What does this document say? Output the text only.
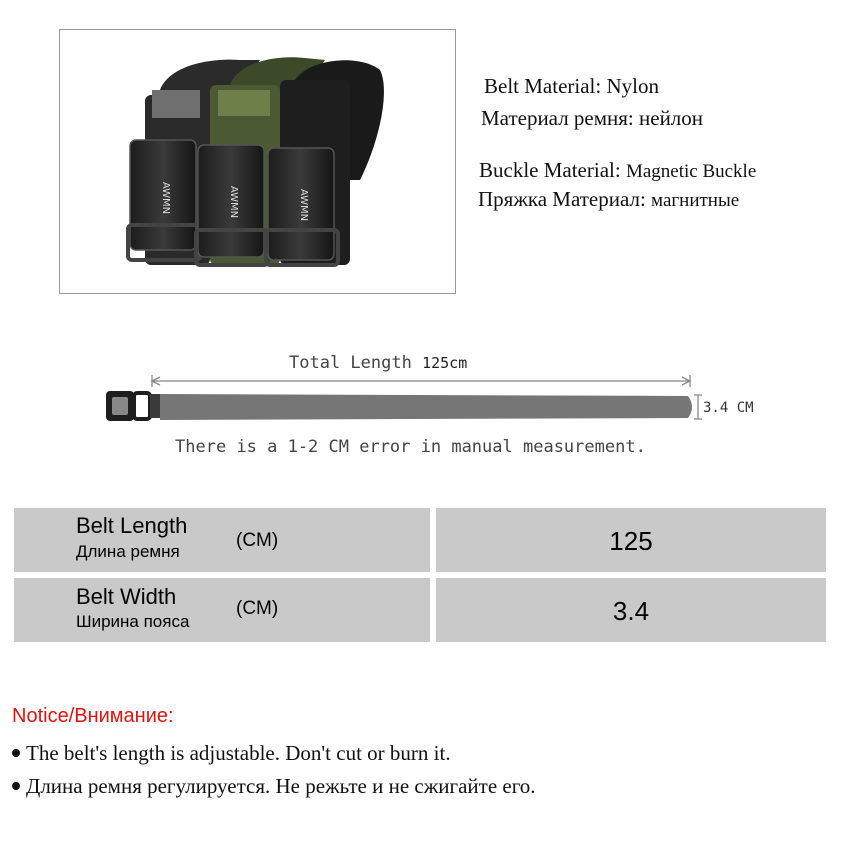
AWMN	AWMN	AWMN
Belt Material: Nylon
Материал ремня: нейлон
Buckle Material: Magnetic Buckle
Пряжка Материал: магнитные
Total Length 125cm
3.4 CM
There is a 1-2 CM error in manual measurement.
Belt Length
Длина ремня
(CM)	125
Belt Width
Ширина пояса
(CM)	3.4
Notice/Внимание:
The belt's length is adjustable. Don't cut or burn it.
Длина ремня регулируется. Не режьте и не сжигайте его.
